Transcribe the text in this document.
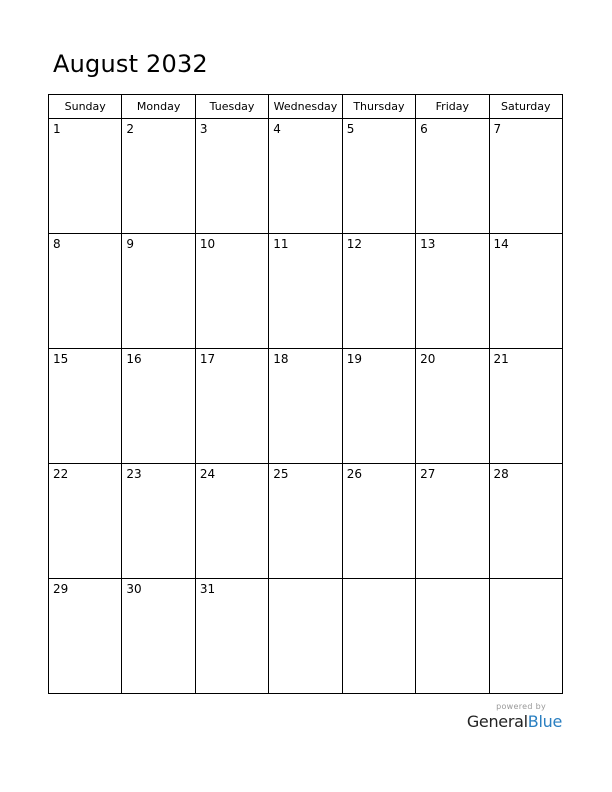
August 2032
Sunday	Monday	Tuesday	Wednesday	Thursday	Friday	Saturday

1	2	3	4	5	6	7

8	9	10	11	12	13	14

15	16	17	18	19	20	21

22	23	24	25	26	27	28

29	30	31				

powered by
GeneralBlue
